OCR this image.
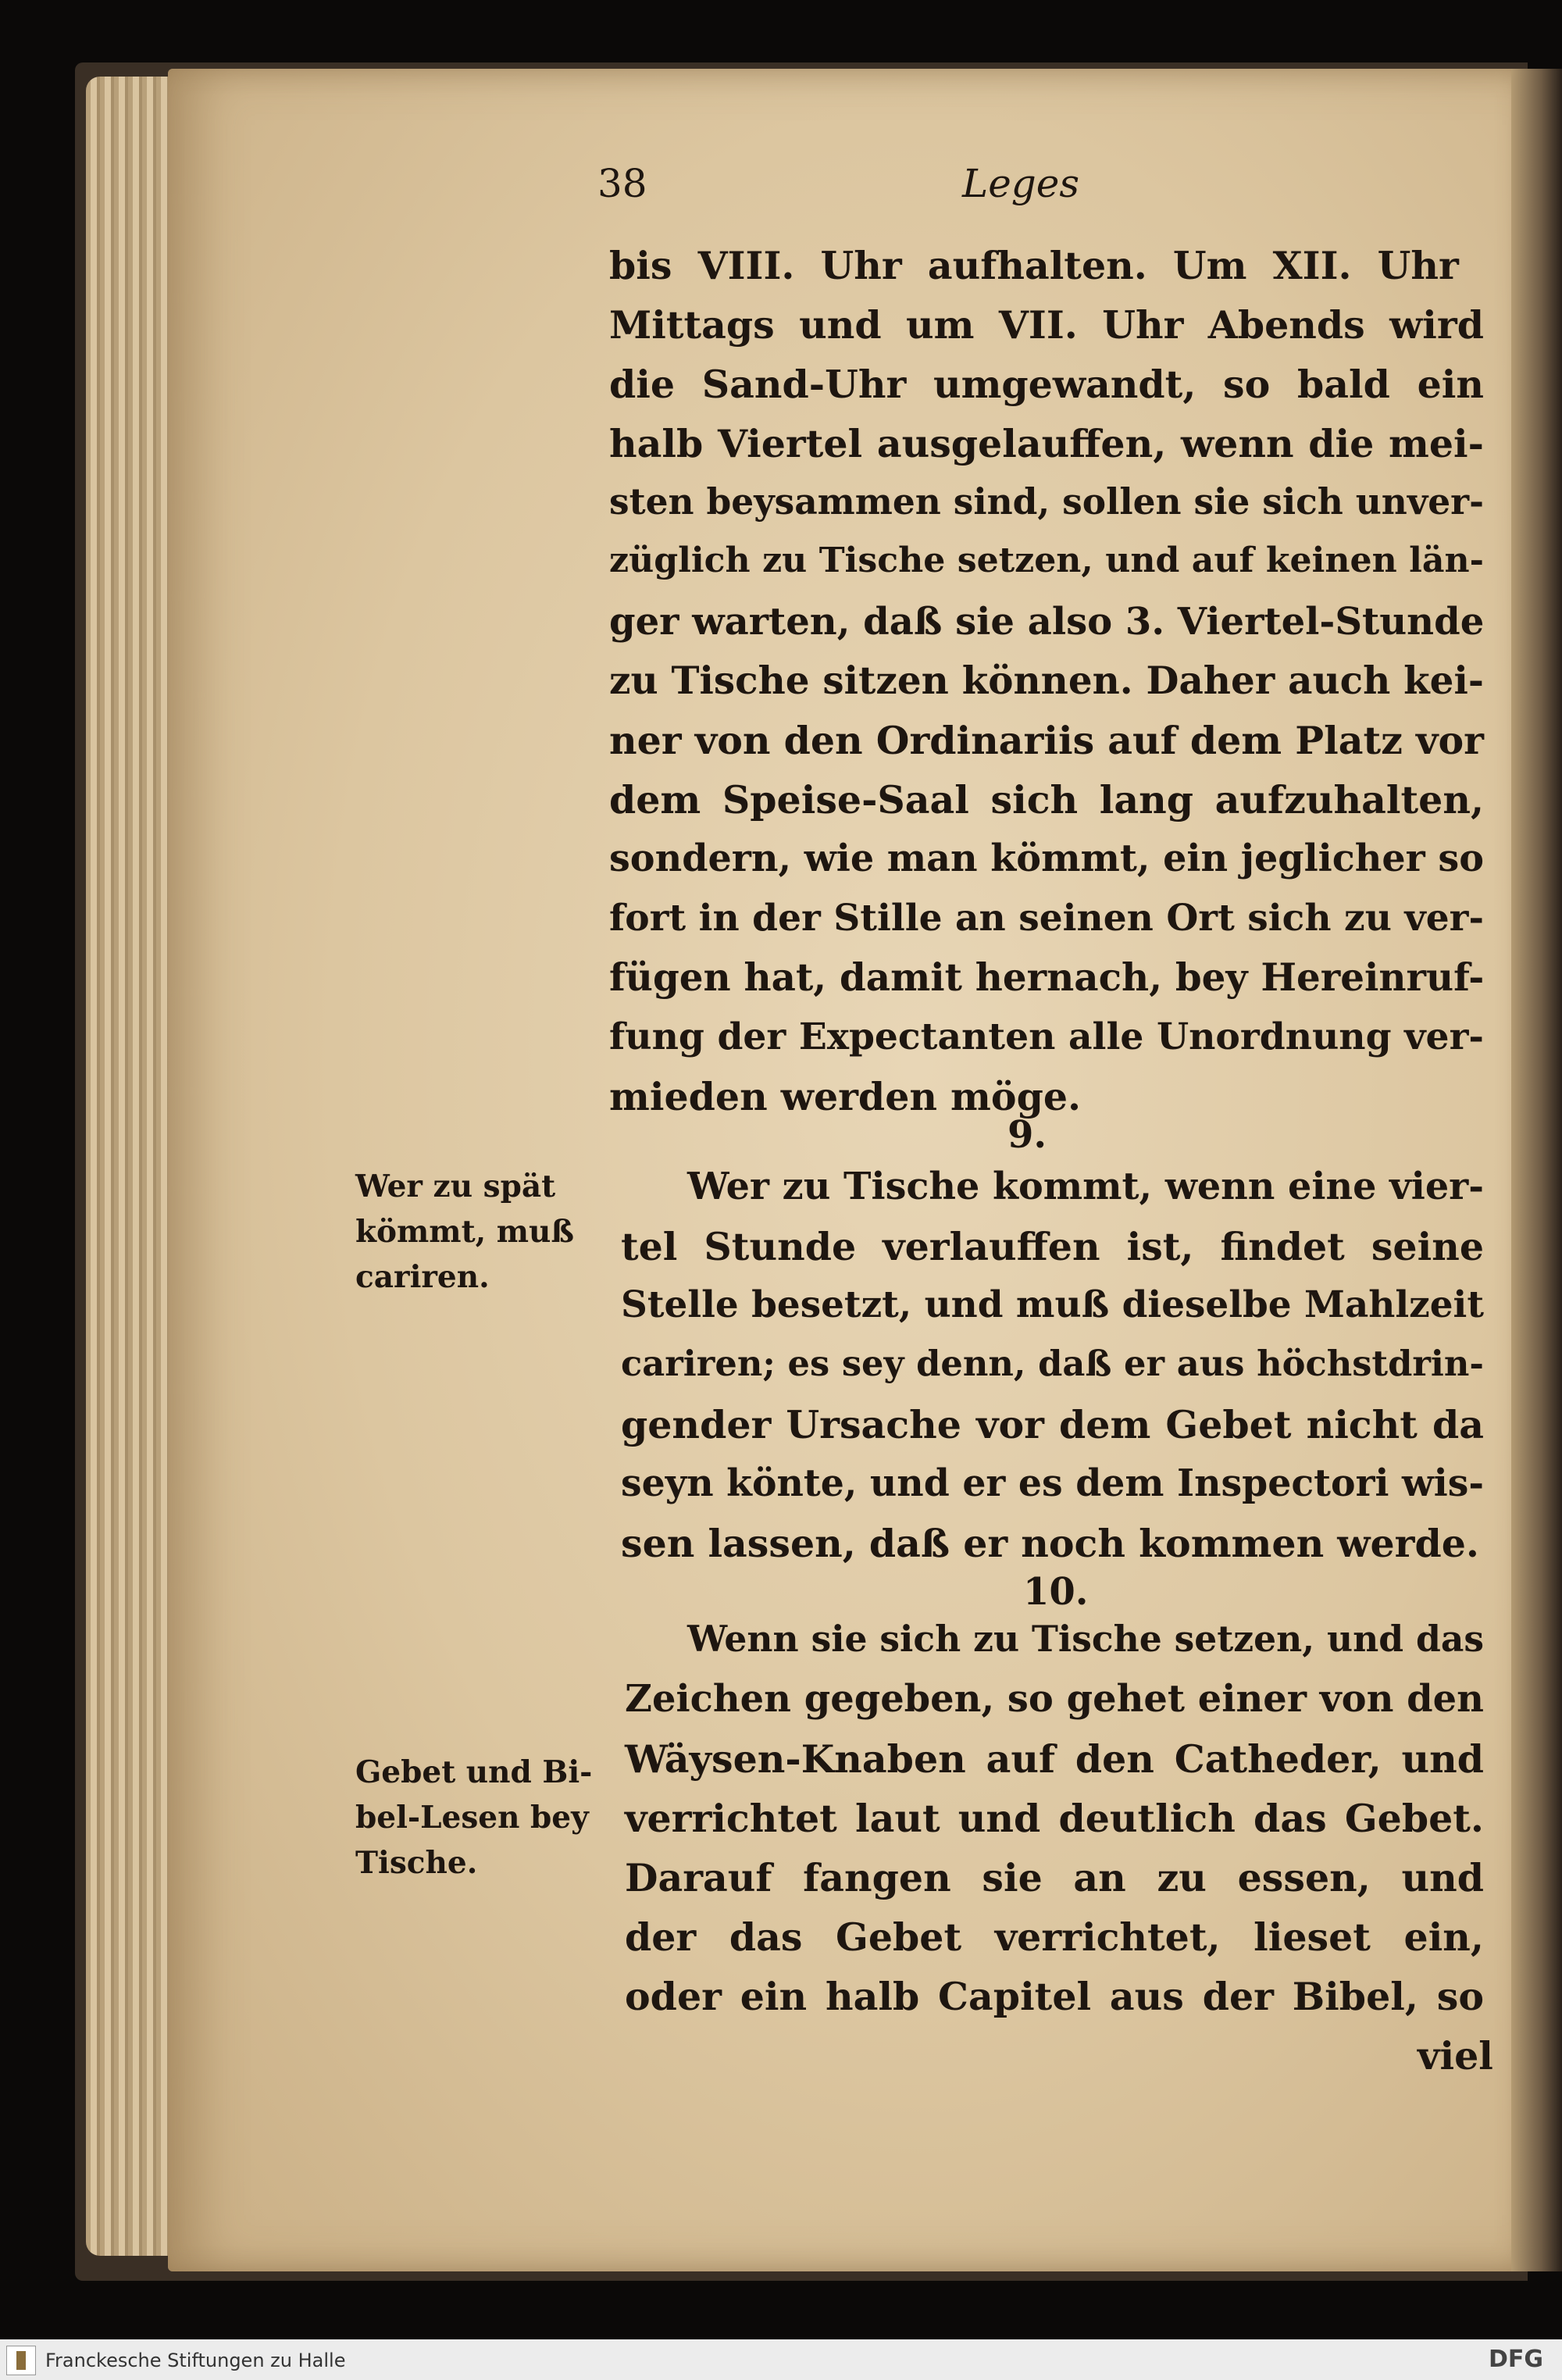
38	Leges
bis VIII. Uhr aufhalten. Um XII. Uhr
Mittags und um VII. Uhr Abends wird
die Sand-Uhr umgewandt, so bald ein
halb Viertel ausgelauffen, wenn die mei-
sten beysammen sind, sollen sie sich unver-
züglich zu Tische setzen, und auf keinen län-
ger warten, daß sie also 3. Viertel-Stunde
zu Tische sitzen können. Daher auch kei-
ner von den Ordinariis auf dem Platz vor
dem Speise-Saal sich lang aufzuhalten,
sondern, wie man kömmt, ein jeglicher so
fort in der Stille an seinen Ort sich zu ver-
fügen hat, damit hernach, bey Hereinruf-
fung der Expectanten alle Unordnung ver-
mieden werden möge.
9.
Wer zu Tische kommt, wenn eine vier-
tel Stunde verlauffen ist, findet seine
Stelle besetzt, und muß dieselbe Mahlzeit
cariren; es sey denn, daß er aus höchstdrin-
gender Ursache vor dem Gebet nicht da
seyn könte, und er es dem Inspectori wis-
sen lassen, daß er noch kommen werde.
Wer zu spät kömmt, muß cariren.
10.
Wenn sie sich zu Tische setzen, und das
Zeichen gegeben, so gehet einer von den
Wäysen-Knaben auf den Catheder, und
verrichtet laut und deutlich das Gebet.
Darauf fangen sie an zu essen, und
der das Gebet verrichtet, lieset ein,
oder ein halb Capitel aus der Bibel, so
viel
Gebet und Bi- bel-Lesen bey Tische.
Franckesche Stiftungen zu Halle	DFG
